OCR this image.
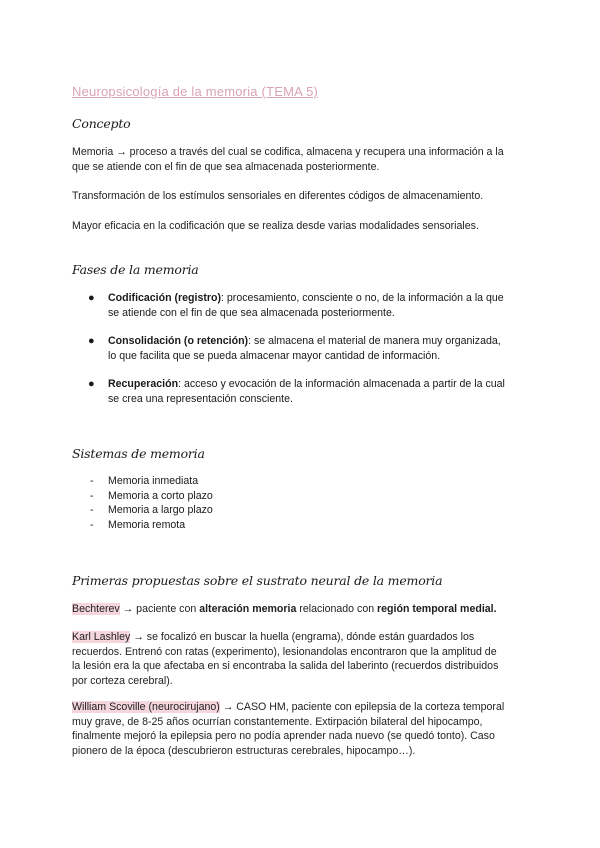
Neuropsicología de la memoria (TEMA 5)
Concepto
Memoria → proceso a través del cual se codifica, almacena y recupera una información a la
que se atiende con el fin de que sea almacenada posteriormente.
Transformación de los estímulos sensoriales en diferentes códigos de almacenamiento.
Mayor eficacia en la codificación que se realiza desde varias modalidades sensoriales.
Fases de la memoria
● Codificación (registro): procesamiento, consciente o no, de la información a la que
se atiende con el fin de que sea almacenada posteriormente.
● Consolidación (o retención): se almacena el material de manera muy organizada,
lo que facilita que se pueda almacenar mayor cantidad de información.
● Recuperación: acceso y evocación de la información almacenada a partir de la cual
se crea una representación consciente.
Sistemas de memoria
- Memoria inmediata
- Memoria a corto plazo
- Memoria a largo plazo
- Memoria remota
Primeras propuestas sobre el sustrato neural de la memoria
Bechterev → paciente con alteración memoria relacionado con región temporal medial.
Karl Lashley → se focalizó en buscar la huella (engrama), dónde están guardados los
recuerdos. Entrenó con ratas (experimento), lesionandolas encontraron que la amplitud de
la lesión era la que afectaba en si encontraba la salida del laberinto (recuerdos distribuidos
por corteza cerebral).
William Scoville (neurocirujano) → CASO HM, paciente con epilepsia de la corteza temporal
muy grave, de 8-25 años ocurrían constantemente. Extirpación bilateral del hipocampo,
finalmente mejoró la epilepsia pero no podía aprender nada nuevo (se quedó tonto). Caso
pionero de la época (descubrieron estructuras cerebrales, hipocampo…).
